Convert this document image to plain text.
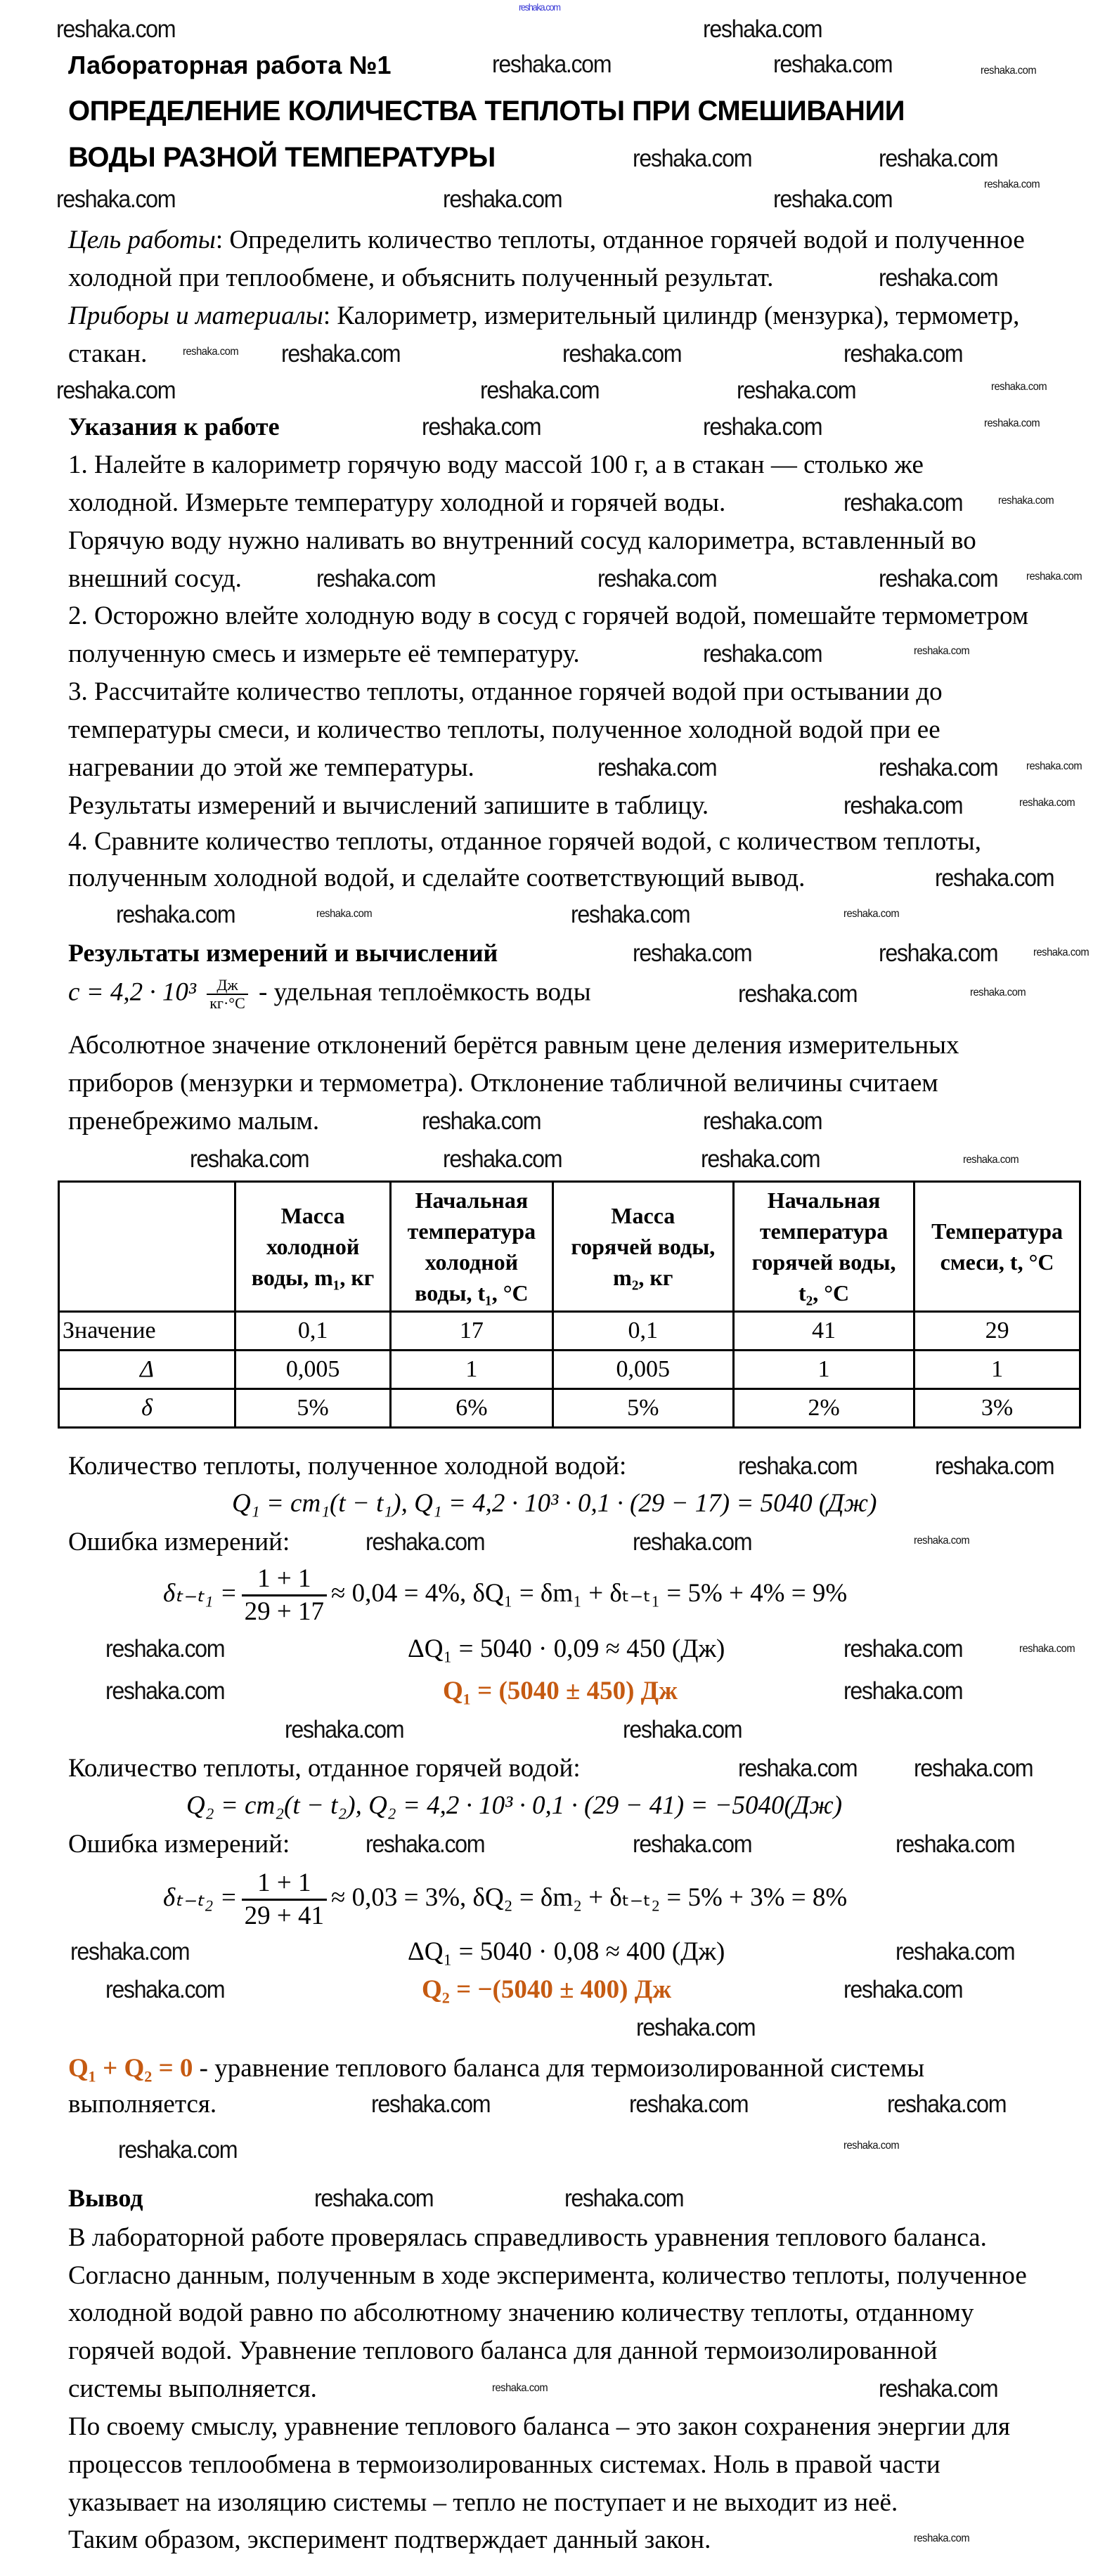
Лабораторная работа №1
ОПРЕДЕЛЕНИЕ КОЛИЧЕСТВА ТЕПЛОТЫ ПРИ СМЕШИВАНИИ
ВОДЫ РАЗНОЙ ТЕМПЕРАТУРЫ
Цель работы: Определить количество теплоты, отданное горячей водой и полученное
холодной при теплообмене, и объяснить полученный результат.
Приборы и материалы: Калориметр, измерительный цилиндр (мензурка), термометр,
стакан.
Указания к работе
1. Налейте в калориметр горячую воду массой 100 г, а в стакан — столько же
холодной. Измерьте температуру холодной и горячей воды.
Горячую воду нужно наливать во внутренний сосуд калориметра, вставленный во
внешний сосуд.
2. Осторожно влейте холодную воду в сосуд с горячей водой, помешайте термометром
полученную смесь и измерьте её температуру.
3. Рассчитайте количество теплоты, отданное горячей водой при остывании до
температуры смеси, и количество теплоты, полученное холодной водой при ее
нагревании до этой же температуры.
Результаты измерений и вычислений запишите в таблицу.
4. Сравните количество теплоты, отданное горячей водой, с количеством теплоты,
полученным холодной водой, и сделайте соответствующий вывод.
Результаты измерений и вычислений
$c = 4,2 \cdot 10^3 \frac{Дж}{кг\cdot^\circ C}$ - удельная теплоёмкость воды
Абсолютное значение отклонений берётся равным цене деления измерительных
приборов (мензурки и термометра). Отклонение табличной величины считаем
пренебрежимо малым.
	Масса
холодной
воды, m₁, кг	Начальная
температура
холодной
воды, t₁, °C	Масса
горячей воды,
m₂, кг	Начальная
температура
горячей воды,
t₂, °C	Температура
смеси, t, °C
Значение	0,1	17	0,1	41	29
Δ	0,005	1	0,005	1	1
δ	5%	6%	5%	2%	3%
Количество теплоты, полученное холодной водой:
Q₁ = cm₁(t − t₁), Q₁ = 4,2 · 10³ · 0,1 · (29 − 17) = 5040 (Дж)
Ошибка измерений:
$\delta_{t-t1} = \frac{1 + 1}{29 + 17} \approx 0,04 = 4\%$, δQ₁ = δm₁ + δₜ₋ₜ₁ = 5% + 4% = 9%
ΔQ₁ = 5040 · 0,09 ≈ 450 (Дж)
Q₁ = (5040 ± 450) Дж
Количество теплоты, отданное горячей водой:
Q₂ = cm₂(t − t₂), Q₂ = 4,2 · 10³ · 0,1 · (29 − 41) = −5040(Дж)
Ошибка измерений:
$\delta_{t-t2} = \frac{1 + 1}{29 + 41} \approx 0,03 = 3\%$, δQ₂ = δm₂ + δₜ₋ₜ₂ = 5% + 3% = 8%
ΔQ₁ = 5040 · 0,08 ≈ 400 (Дж)
Q₂ = −(5040 ± 400) Дж
Q₁ + Q₂ = 0 - уравнение теплового баланса для термоизолированной системы
выполняется.
Вывод
В лабораторной работе проверялась справедливость уравнения теплового баланса.
Согласно данным, полученным в ходе эксперимента, количество теплоты, полученное
холодной водой равно по абсолютному значению количеству теплоты, отданному
горячей водой. Уравнение теплового баланса для данной термоизолированной
системы выполняется.
По своему смыслу, уравнение теплового баланса – это закон сохранения энергии для
процессов теплообмена в термоизолированных системах. Ноль в правой части
указывает на изоляцию системы – тепло не поступает и не выходит из неё.
Таким образом, эксперимент подтверждает данный закон.
reshaka.com
reshaka.com	reshaka.com
reshaka.com	reshaka.com
reshaka.com	reshaka.com
reshaka.com	reshaka.com	reshaka.com
reshaka.com
reshaka.com	reshaka.com	reshaka.com
reshaka.com	reshaka.com	reshaka.com
reshaka.com	reshaka.com
reshaka.com
reshaka.com	reshaka.com	reshaka.com
reshaka.com
reshaka.com	reshaka.com
reshaka.com
reshaka.com
reshaka.com	reshaka.com
reshaka.com	reshaka.com
reshaka.com
reshaka.com	reshaka.com
reshaka.com	reshaka.com	reshaka.com
reshaka.com	reshaka.com
reshaka.com	reshaka.com
reshaka.com	reshaka.com
reshaka.com	reshaka.com
reshaka.com	reshaka.com
reshaka.com reshaka.com
reshaka.com	reshaka.com	reshaka.com
reshaka.com	reshaka.com
reshaka.com	reshaka.com
reshaka.com
reshaka.com	reshaka.com	reshaka.com
reshaka.com
reshaka.com	reshaka.com
reshaka.com
reshaka.com
reshaka.com
reshaka.com
reshaka.com
reshaka.com
reshaka.com
reshaka.com
reshaka.com
reshaka.com
reshaka.com
reshaka.com	reshaka.com
reshaka.com
reshaka.com
reshaka.com
reshaka.com
reshaka.com
reshaka.com
reshaka.com
reshaka.com
